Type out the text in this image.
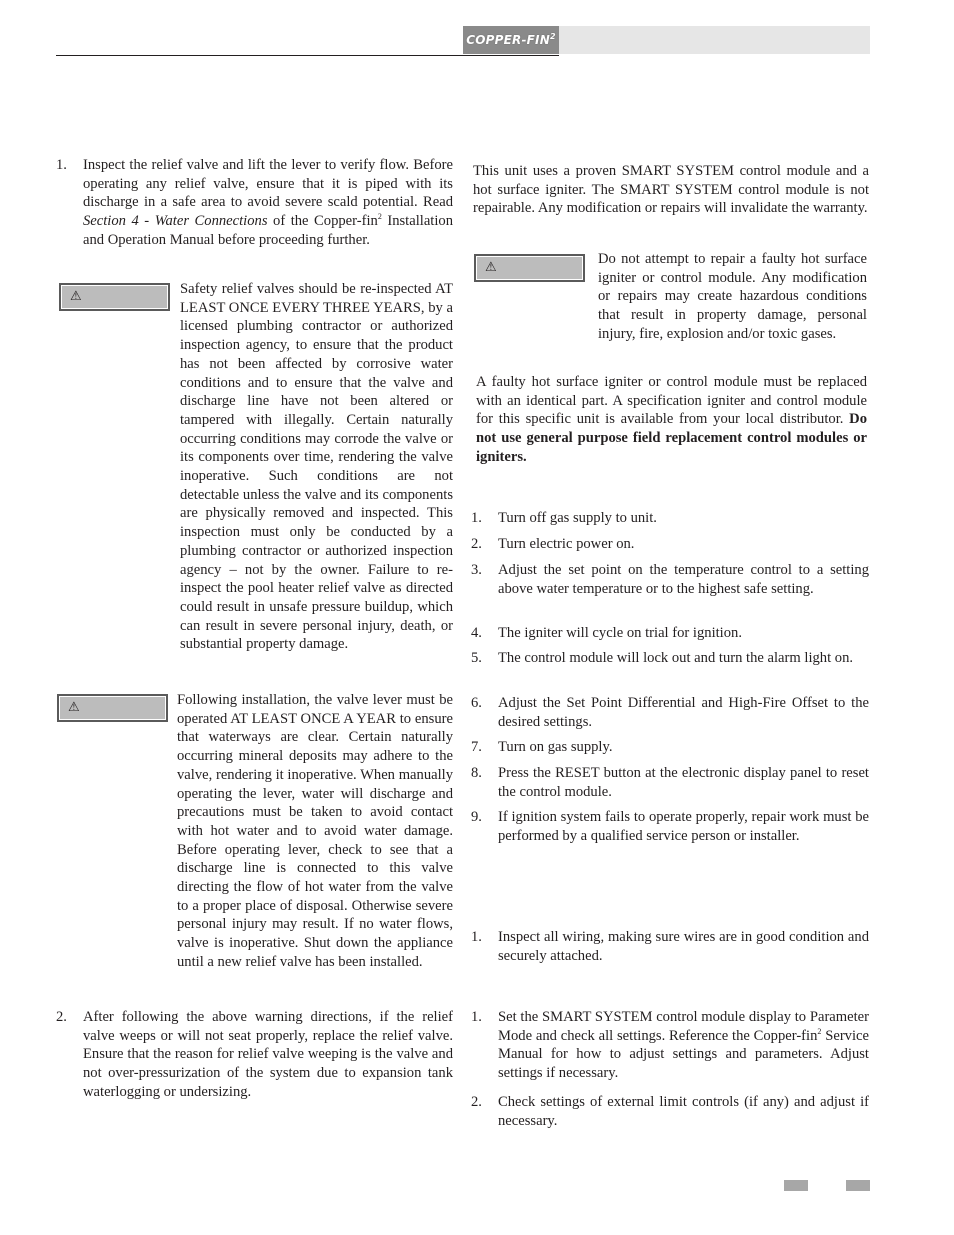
COPPER-FIN$^2$
1. Inspect the relief valve and lift the lever to verify flow. Before operating any relief valve, ensure that it is piped with its discharge in a safe area to avoid severe scald potential. Read Section 4 - Water Connections of the Copper-fin$^2$ Installation and Operation Manual before proceeding further.
⚠	Safety relief valves should be re-inspected AT LEAST ONCE EVERY THREE YEARS, by a licensed plumbing contractor or authorized inspection agency, to ensure that the product has not been affected by corrosive water conditions and to ensure that the valve and discharge line have not been altered or tampered with illegally. Certain naturally occurring conditions may corrode the valve or its components over time, rendering the valve inoperative. Such conditions are not detectable unless the valve and its components are physically removed and inspected. This inspection must only be conducted by a plumbing contractor or authorized inspection agency – not by the owner. Failure to re-inspect the pool heater relief valve as directed could result in unsafe pressure buildup, which can result in severe personal injury, death, or substantial property damage.
⚠	Following installation, the valve lever must be operated AT LEAST ONCE A YEAR to ensure that waterways are clear. Certain naturally occurring mineral deposits may adhere to the valve, rendering it inoperative. When manually operating the lever, water will discharge and precautions must be taken to avoid contact with hot water and to avoid water damage. Before operating lever, check to see that a discharge line is connected to this valve directing the flow of hot water from the valve to a proper place of disposal. Otherwise severe personal injury may result. If no water flows, valve is inoperative. Shut down the appliance until a new relief valve has been installed.
2. After following the above warning directions, if the relief valve weeps or will not seat properly, replace the relief valve. Ensure that the reason for relief valve weeping is the valve and not over-pressurization of the system due to expansion tank waterlogging or undersizing.
This unit uses a proven SMART SYSTEM control module and a hot surface igniter. The SMART SYSTEM control module is not repairable. Any modification or repairs will invalidate the warranty.
⚠
Do not attempt to repair a faulty hot surface igniter or control module. Any modification or repairs may create hazardous conditions that result in property damage, personal injury, fire, explosion and/or toxic gases.
A faulty hot surface igniter or control module must be replaced with an identical part. A specification igniter and control module for this specific unit is available from your local distributor. Do not use general purpose field replacement control modules or igniters.
1. Turn off gas supply to unit.
2. Turn electric power on.
3. Adjust the set point on the temperature control to a setting above water temperature or to the highest safe setting.
4. The igniter will cycle on trial for ignition.
5. The control module will lock out and turn the alarm light on.
6. Adjust the Set Point Differential and High-Fire Offset to the desired settings.
7. Turn on gas supply.
8. Press the RESET button at the electronic display panel to reset the control module.
9. If ignition system fails to operate properly, repair work must be performed by a qualified service person or installer.
1. Inspect all wiring, making sure wires are in good condition and securely attached.
1. Set the SMART SYSTEM control module display to Parameter Mode and check all settings. Reference the Copper-fin$^2$ Service Manual for how to adjust settings and parameters. Adjust settings if necessary.
2. Check settings of external limit controls (if any) and adjust if necessary.
